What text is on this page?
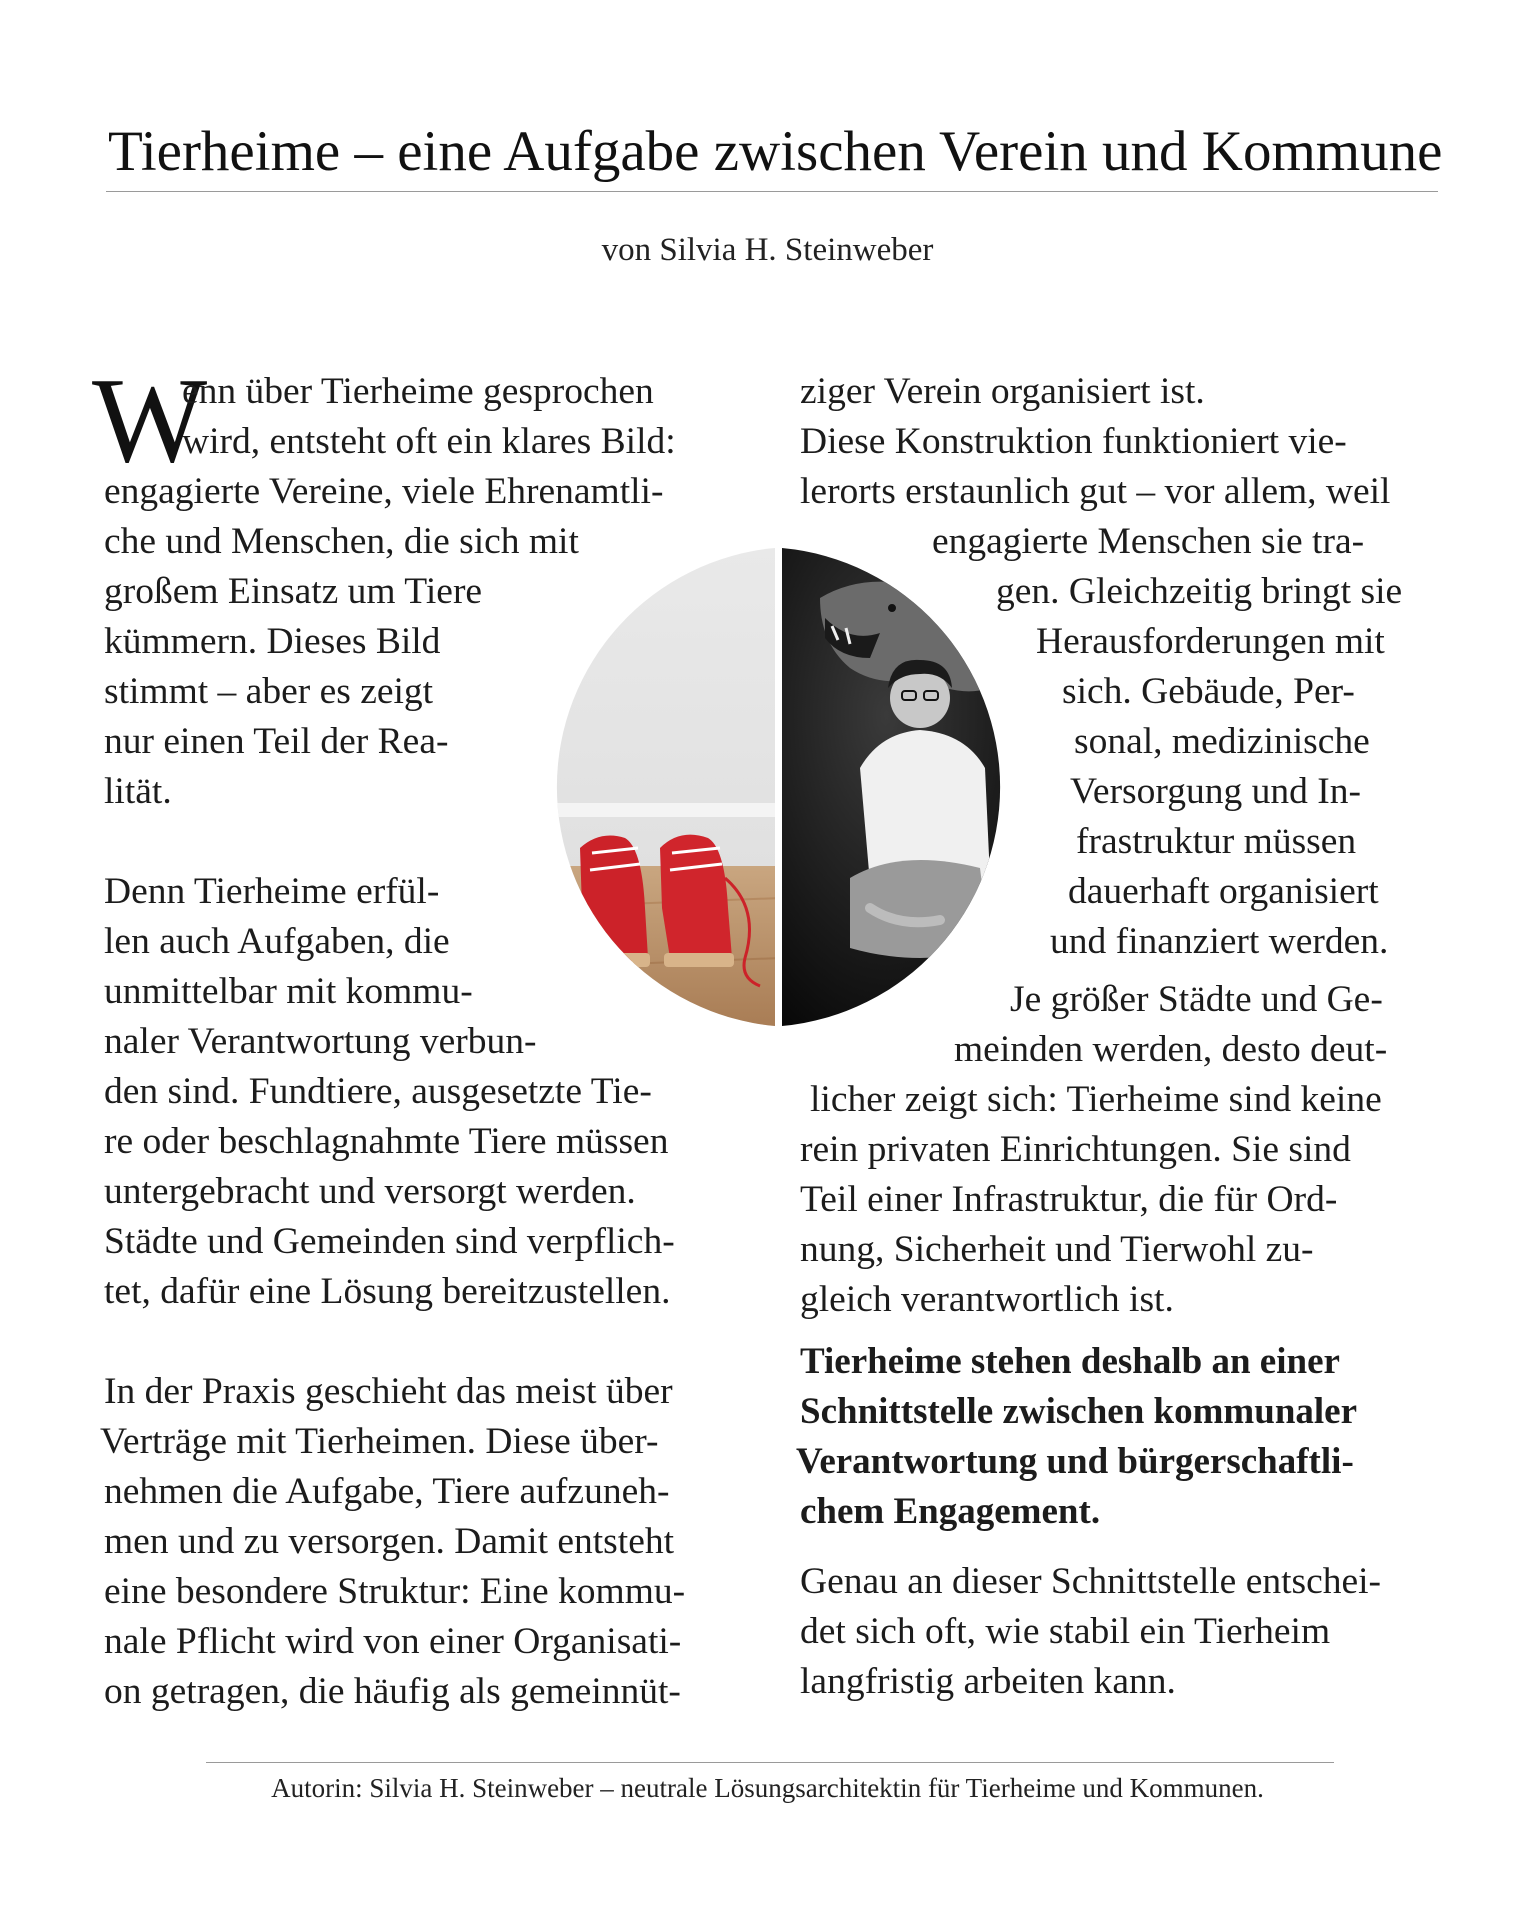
Tierheime – eine Aufgabe zwischen Verein und Kommune
von Silvia H. Steinweber
W
enn über Tierheime gesprochen
wird, entsteht oft ein klares Bild:
engagierte Vereine, viele Ehrenamtli-
che und Menschen, die sich mit
großem Einsatz um Tiere
kümmern. Dieses Bild
stimmt – aber es zeigt
nur einen Teil der Rea-
lität.
Denn Tierheime erfül-
len auch Aufgaben, die
unmittelbar mit kommu-
naler Verantwortung verbun-
den sind. Fundtiere, ausgesetzte Tie-
re oder beschlagnahmte Tiere müssen
untergebracht und versorgt werden.
Städte und Gemeinden sind verpflich-
tet, dafür eine Lösung bereitzustellen.
In der Praxis geschieht das meist über
Verträge mit Tierheimen. Diese über-
nehmen die Aufgabe, Tiere aufzuneh-
men und zu versorgen. Damit entsteht
eine besondere Struktur: Eine kommu-
nale Pflicht wird von einer Organisati-
on getragen, die häufig als gemeinnüt-
ziger Verein organisiert ist.
Diese Konstruktion funktioniert vie-
lerorts erstaunlich gut – vor allem, weil
engagierte Menschen sie tra-
gen. Gleichzeitig bringt sie
Herausforderungen mit
sich. Gebäude, Per-
sonal, medizinische
Versorgung und In-
frastruktur müssen
dauerhaft organisiert
und finanziert werden.
Je größer Städte und Ge-
meinden werden, desto deut-
licher zeigt sich: Tierheime sind keine
rein privaten Einrichtungen. Sie sind
Teil einer Infrastruktur, die für Ord-
nung, Sicherheit und Tierwohl zu-
gleich verantwortlich ist.
Tierheime stehen deshalb an einer
Schnittstelle zwischen kommunaler
Verantwortung und bürgerschaftli-
chem Engagement.
Genau an dieser Schnittstelle entschei-
det sich oft, wie stabil ein Tierheim
langfristig arbeiten kann.
Autorin: Silvia H. Steinweber – neutrale Lösungsarchitektin für Tierheime und Kommunen.
